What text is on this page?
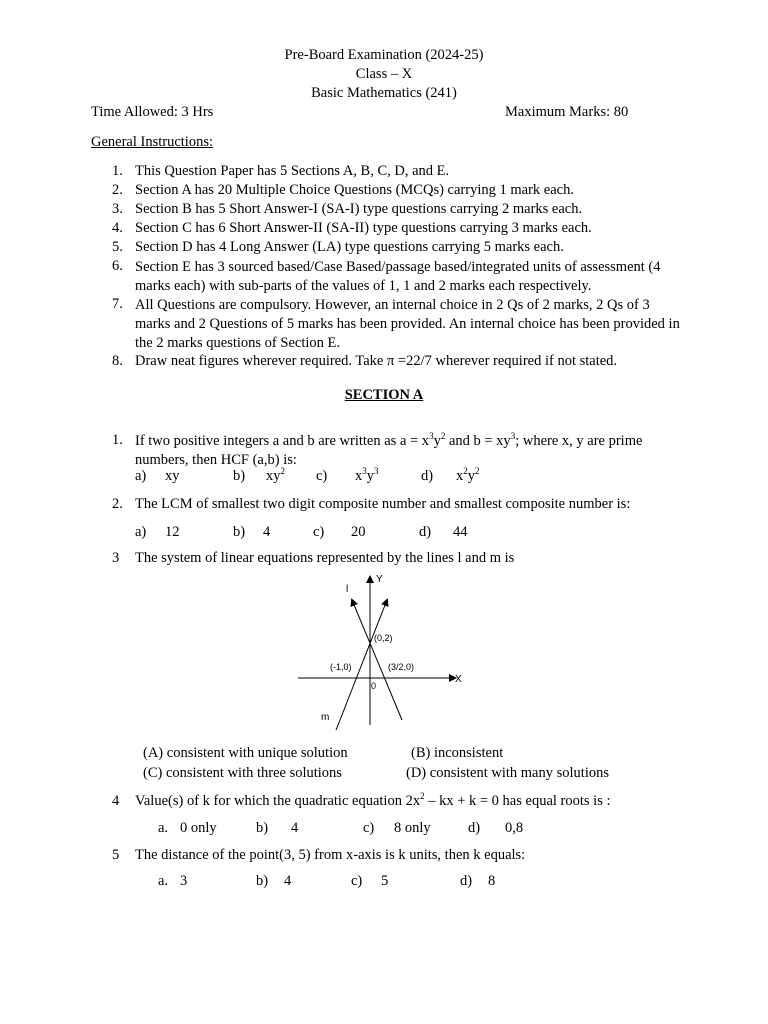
Pre-Board Examination (2024-25)
Class – X
Basic Mathematics (241)
Time Allowed: 3 Hrs	Maximum Marks: 80
General Instructions:
1. This Question Paper has 5 Sections A, B, C, D, and E.
2. Section A has 20 Multiple Choice Questions (MCQs) carrying 1 mark each.
3. Section B has 5 Short Answer-I (SA-I) type questions carrying 2 marks each.
4. Section C has 6 Short Answer-II (SA-II) type questions carrying 3 marks each.
5. Section D has 4 Long Answer (LA) type questions carrying 5 marks each.
6. Section E has 3 sourced based/Case Based/passage based/integrated units of assessment (4 marks each) with sub-parts of the values of 1, 1 and 2 marks each respectively.
7. All Questions are compulsory. However, an internal choice in 2 Qs of 2 marks, 2 Qs of 3 marks and 2 Questions of 5 marks has been provided. An internal choice has been provided in the 2 marks questions of Section E.
8. Draw neat figures wherever required. Take π =22/7 wherever required if not stated.
SECTION A
1. If two positive integers a and b are written as $a = x^3y^2$ and $b = xy^3$; where x, y are prime numbers, then HCF (a,b) is:
a) xy	b) $xy^2$ c) $x^3y^3$	d) $x^2y^2$
2. The LCM of smallest two digit composite number and smallest composite number is:
a) 12	b) 4	c) 20	d) 44
3 The system of linear equations represented by the lines l and m is
Y
X
l
m
0
(0,2)
(-1,0)	(3/2,0)
(A) consistent with unique solution	(B) inconsistent
(C) consistent with three solutions	(D) consistent with many solutions
4 Value(s) of k for which the quadratic equation $2x^2$ – kx + k = 0 has equal roots is :
a. 0 only	b) 4	c) 8 only	d) 0,8
5 The distance of the point(3, 5) from x-axis is k units, then k equals:
a. 3	b) 4	c) 5	d) 8
